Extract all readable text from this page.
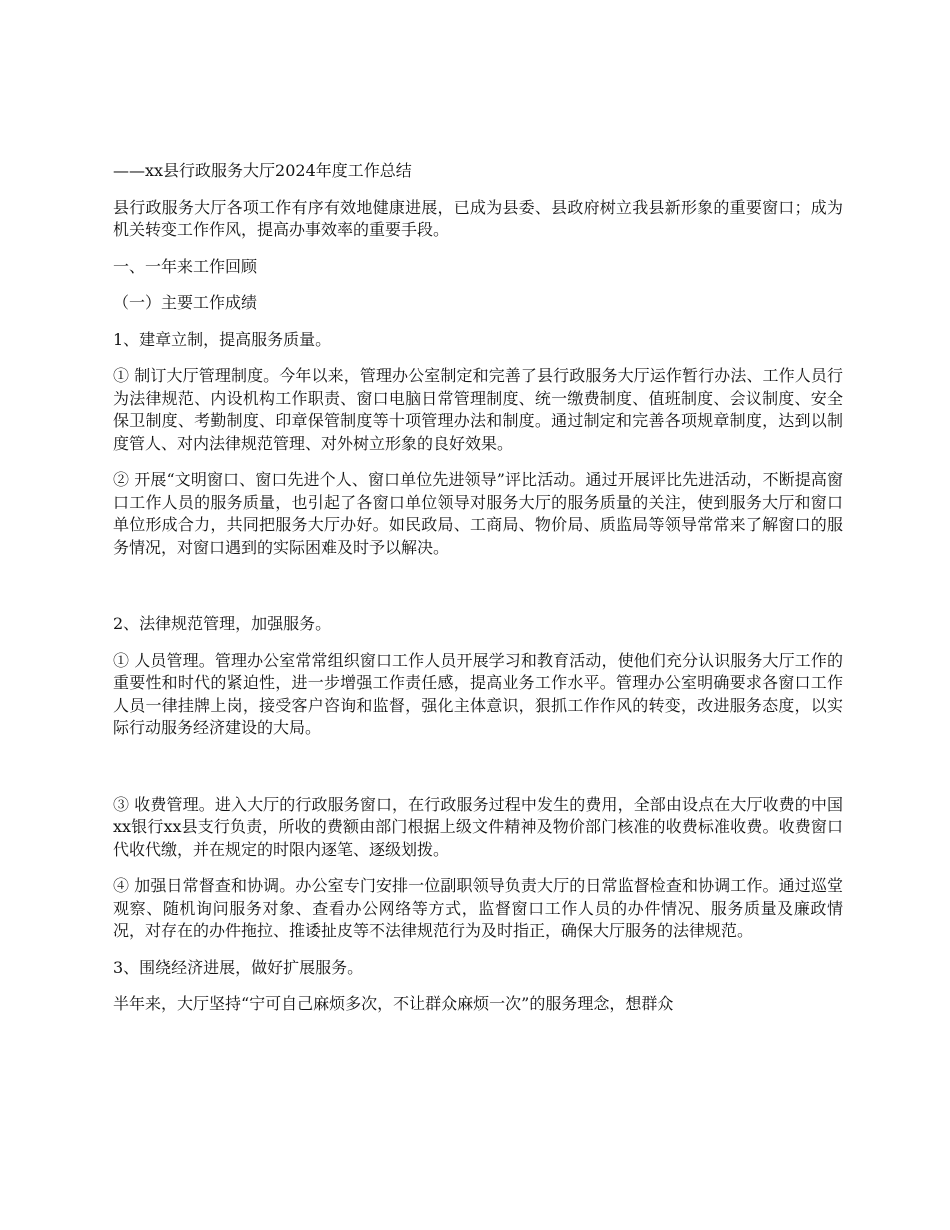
——xx县行政服务大厅2024年度工作总结

县行政服务大厅各项工作有序有效地健康进展，已成为县委、县政府树立我县新形象的重要窗口；成为机关转变工作作风，提高办事效率的重要手段。

一、一年来工作回顾

（一）主要工作成绩

1、建章立制，提高服务质量。

① 制订大厅管理制度。今年以来，管理办公室制定和完善了县行政服务大厅运作暂行办法、工作人员行为法律规范、内设机构工作职责、窗口电脑日常管理制度、统一缴费制度、值班制度、会议制度、安全保卫制度、考勤制度、印章保管制度等十项管理办法和制度。通过制定和完善各项规章制度，达到以制度管人、对内法律规范管理、对外树立形象的良好效果。

② 开展“文明窗口、窗口先进个人、窗口单位先进领导”评比活动。通过开展评比先进活动，不断提高窗口工作人员的服务质量，也引起了各窗口单位领导对服务大厅的服务质量的关注，使到服务大厅和窗口单位形成合力，共同把服务大厅办好。如民政局、工商局、物价局、质监局等领导常常来了解窗口的服务情况，对窗口遇到的实际困难及时予以解决。

2、法律规范管理，加强服务。

① 人员管理。管理办公室常常组织窗口工作人员开展学习和教育活动，使他们充分认识服务大厅工作的重要性和时代的紧迫性，进一步增强工作责任感，提高业务工作水平。管理办公室明确要求各窗口工作人员一律挂牌上岗，接受客户咨询和监督，强化主体意识，狠抓工作作风的转变，改进服务态度，以实际行动服务经济建设的大局。

③ 收费管理。进入大厅的行政服务窗口，在行政服务过程中发生的费用，全部由设点在大厅收费的中国xx银行xx县支行负责，所收的费额由部门根据上级文件精神及物价部门核准的收费标准收费。收费窗口代收代缴，并在规定的时限内逐笔、逐级划拨。

④ 加强日常督查和协调。办公室专门安排一位副职领导负责大厅的日常监督检查和协调工作。通过巡堂观察、随机询问服务对象、查看办公网络等方式，监督窗口工作人员的办件情况、服务质量及廉政情况，对存在的办件拖拉、推诿扯皮等不法律规范行为及时指正，确保大厅服务的法律规范。

3、围绕经济进展，做好扩展服务。

半年来，大厅坚持“宁可自己麻烦多次，不让群众麻烦一次”的服务理念，想群众
